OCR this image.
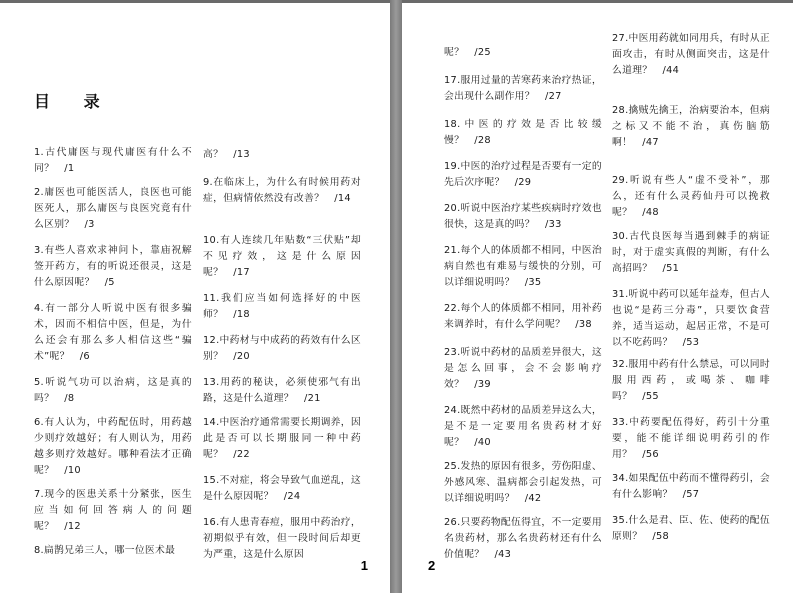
目 录
1.古代庸医与现代庸医有什么不同？　/1
2.庸医也可能医活人，良医也可能医死人，那么庸医与良医究竟有什么区别？　/3
3.有些人喜欢求神问卜，靠庙祝解签开药方，有的听说还很灵，这是什么原因呢？　/5
4.有一部分人听说中医有很多骗术，因而不相信中医，但是，为什么还会有那么多人相信这些“骗术”呢？　/6
5.听说气功可以治病，这是真的吗？　/8
6.有人认为，中药配伍时，用药越少则疗效越好；有人则认为，用药越多则疗效越好。哪种看法才正确呢？　/10
7.现今的医患关系十分紧张，医生应当如何回答病人的问题呢？　/12
8.扁鹊兄弟三人，哪一位医术最
高？　/13
9.在临床上，为什么有时候用药对症，但病情依然没有改善？　/14
10.有人连续几年贴数“三伏贴”却不见疗效，这是什么原因呢？　/17
11.我们应当如何选择好的中医师？　/18
12.中药材与中成药的药效有什么区别？　/20
13.用药的秘诀，必须使邪气有出路，这是什么道理？　/21
14.中医治疗通常需要长期调养，因此是否可以长期服同一种中药呢？　/22
15.不对症，将会导致气血逆乱，这是什么原因呢？　/24
16.有人患青春痘，服用中药治疗，初期似乎有效，但一段时间后却更为严重，这是什么原因
1
呢？　/25
17.服用过量的苦寒药来治疗热证，会出现什么副作用？　/27
18.中医的疗效是否比较缓慢？　/28
19.中医的治疗过程是否要有一定的先后次序呢？　/29
20.听说中医治疗某些疾病时疗效也很快，这是真的吗？　/33
21.每个人的体质都不相同，中医治病自然也有难易与缓快的分别，可以详细说明吗？　/35
22.每个人的体质都不相同，用补药来调养时，有什么学问呢？　/38
23.听说中药材的品质差异很大，这是怎么回事，会不会影响疗效？　/39
24.既然中药材的品质差异这么大，是不是一定要用名贵药材才好呢？　/40
25.发热的原因有很多，劳伤阳虚、外感风寒、温病都会引起发热，可以详细说明吗？　/42
26.只要药物配伍得宜，不一定要用名贵药材，那么名贵药材还有什么价值呢？　/43
27.中医用药就如同用兵，有时从正面攻击，有时从侧面突击，这是什么道理？　/44
28.擒贼先擒王，治病要治本，但病之标又不能不治，真伤脑筋啊！　/47
29.听说有些人“虚不受补”，那么，还有什么灵药仙丹可以挽救呢？　/48
30.古代良医每当遇到棘手的病证时，对于虚实真假的判断，有什么高招吗？　/51
31.听说中药可以延年益寿，但古人也说“是药三分毒”，只要饮食营养，适当运动，起居正常，不是可以不吃药吗？　/53
32.服用中药有什么禁忌，可以同时服用西药，或喝茶、咖啡吗？　/55
33.中药要配伍得好，药引十分重要，能不能详细说明药引的作用？　/56
34.如果配伍中药而不懂得药引，会有什么影响？　/57
35.什么是君、臣、佐、使药的配伍原则？　/58
2
